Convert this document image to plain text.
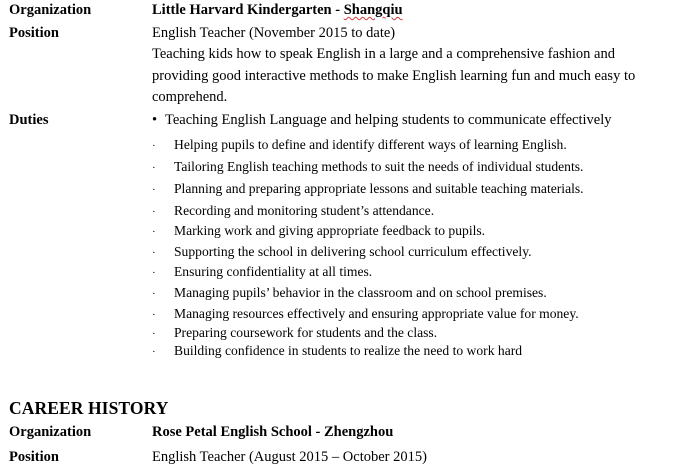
Organization	Little Harvard Kindergarten - Shangqiu
Position	English Teacher (November 2015 to date)
Teaching kids how to speak English in a large and a comprehensive fashion and
providing good interactive methods to make English learning fun and much easy to
comprehend.
Duties	• Teaching English Language and helping students to communicate effectively
· Helping pupils to define and identify different ways of learning English.
· Tailoring English teaching methods to suit the needs of individual students.
· Planning and preparing appropriate lessons and suitable teaching materials.
· Recording and monitoring student’s attendance.
· Marking work and giving appropriate feedback to pupils.
· Supporting the school in delivering school curriculum effectively.
· Ensuring confidentiality at all times.
· Managing pupils’ behavior in the classroom and on school premises.
· Managing resources effectively and ensuring appropriate value for money.
· Preparing coursework for students and the class.
· Building confidence in students to realize the need to work hard
CAREER HISTORY
Organization	Rose Petal English School - Zhengzhou
Position	English Teacher (August 2015 – October 2015)
